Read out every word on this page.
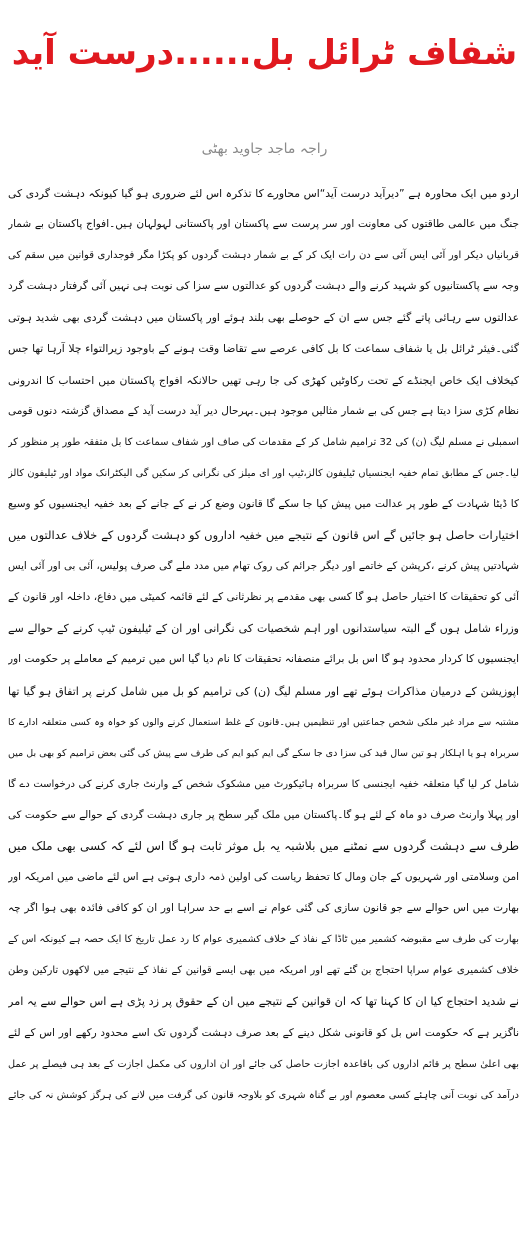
شفاف ٹرائل بل......درست آید
راجہ ماجد جاوید بھٹی
اردو میں ایک محاورہ ہے ”دیرآید درست آید“اس محاورے کا تذکرہ اس لئے ضروری ہو گیا کیونکہ دہشت گردی کی
جنگ میں عالمی طاقتوں کی معاونت اور سر پرست سے پاکستان اور پاکستانی لہولہان ہیں۔افواج پاکستان بے شمار
قربانیاں دیکر اور آئی ایس آئی سے دن رات ایک کر کے بے شمار دہشت گردوں کو پکڑا مگر فوجداری قوانین میں سقم کی
وجہ سے پاکستانیوں کو شہید کرنے والے دہشت گردوں کو عدالتوں سے سزا کی نوبت ہی نہیں آئی گرفتار دہشت گرد
عدالتوں سے رہائی پاتے گئے جس سے ان کے حوصلے بھی بلند ہوئے اور پاکستان میں دہشت گردی بھی شدید ہوتی
گئی۔فیئر ٹرائل بل یا شفاف سماعت کا بل کافی عرصے سے تقاضا وقت ہونے کے باوجود زیرالتواء چلا آرہا تھا جس
کیخلاف ایک خاص ایجنڈے کے تحت رکاوٹیں کھڑی کی جا رہی تھیں حالانکہ افواج پاکستان میں احتساب کا اندرونی
نظام کڑی سزا دیتا ہے جس کی بے شمار مثالیں موجود ہیں۔بہرحال دیر آید درست آید کے مصداق گزشتہ دنوں قومی
اسمبلی نے مسلم لیگ (ن) کی 32 ترامیم شامل کر کے مقدمات کی صاف اور شفاف سماعت کا بل متفقہ طور پر منظور کر
لیا۔جس کے مطابق تمام خفیہ ایجنسیاں ٹیلیفون کالز،ٹیپ اور ای میلز کی نگرانی کر سکیں گی الیکٹرانک مواد اور ٹیلیفون کالز
کا ڈیٹا شہادت کے طور پر عدالت میں پیش کیا جا سکے گا قانون وضع کر نے کے جانے کے بعد خفیہ ایجنسیوں کو وسیع
اختیارات حاصل ہو جائیں گے اس قانون کے نتیجے میں خفیہ اداروں کو دہشت گردوں کے خلاف عدالتوں میں
شہادتیں پیش کرنے ،کرپشن کے خاتمے اور دیگر جرائم کی روک تھام میں مدد ملے گی صرف پولیس، آئی بی اور آئی ایس
آئی کو تحقیقات کا اختیار حاصل ہو گا کسی بھی مقدمے پر نظرثانی کے لئے قائمہ کمیٹی میں دفاع، داخلہ اور قانون کے
وزراء شامل ہوں گے البتہ سیاستدانوں اور اہم شخصیات کی نگرانی اور ان کے ٹیلیفون ٹیپ کرنے کے حوالے سے
ایجنسیوں کا کردار محدود ہو گا اس بل برائے منصفانہ تحقیقات کا نام دیا گیا اس میں ترمیم کے معاملے پر حکومت اور
اپوزیشن کے درمیان مذاکرات ہوئے تھے اور مسلم لیگ (ن) کی ترامیم کو بل میں شامل کرنے پر اتفاق ہو گیا تھا
مشتبہ سے مراد غیر ملکی شخص جماعتیں اور تنظیمیں ہیں۔قانون کے غلط استعمال کرنے والوں کو خواہ وہ کسی متعلقہ ادارے کا
سربراہ ہو یا اہلکار ہو تین سال قید کی سزا دی جا سکے گی ایم کیو ایم کی طرف سے پیش کی گئی بعض ترامیم کو بھی بل میں
شامل کر لیا گیا متعلقہ خفیہ ایجنسی کا سربراہ ہائیکورٹ میں مشکوک شخص کے وارنٹ جاری کرنے کی درخواست دے گا
اور پہلا وارنٹ صرف دو ماہ کے لئے ہو گا۔پاکستان میں ملک گیر سطح پر جاری دہشت گردی کے حوالے سے حکومت کی
طرف سے دہشت گردوں سے نمٹنے میں بلاشبہ یہ بل موثر ثابت ہو گا اس لئے کہ کسی بھی ملک میں
امن وسلامتی اور شہریوں کے جان ومال کا تحفظ ریاست کی اولین ذمہ داری ہوتی ہے اس لئے ماضی میں امریکہ اور
بھارت میں اس حوالے سے جو قانون سازی کی گئی عوام نے اسے بے حد سراہا اور ان کو کافی فائدہ بھی ہوا اگر چہ
بھارت کی طرف سے مقبوضہ کشمیر میں ٹاڈا کے نفاذ کے خلاف کشمیری عوام کا رد عمل تاریخ کا ایک حصہ ہے کیونکہ اس کے
خلاف کشمیری عوام سراپا احتجاج بن گئے تھے اور امریکہ میں بھی ایسے قوانین کے نفاذ کے نتیجے میں لاکھوں تارکین وطن
نے شدید احتجاج کیا ان کا کہنا تھا کہ ان قوانین کے نتیجے میں ان کے حقوق پر زد پڑی ہے اس حوالے سے یہ امر
ناگزیر ہے کہ حکومت اس بل کو قانونی شکل دینے کے بعد صرف دہشت گردوں تک اسے محدود رکھے اور اس کے لئے
بھی اعلیٰ سطح پر قائم اداروں کی باقاعدہ اجازت حاصل کی جائے اور ان اداروں کی مکمل اجازت کے بعد ہی فیصلے پر عمل
درآمد کی نوبت آنی چاہئے کسی معصوم اور بے گناہ شہری کو بلاوجہ قانون کی گرفت میں لانے کی ہرگز کوشش نہ کی جائے
